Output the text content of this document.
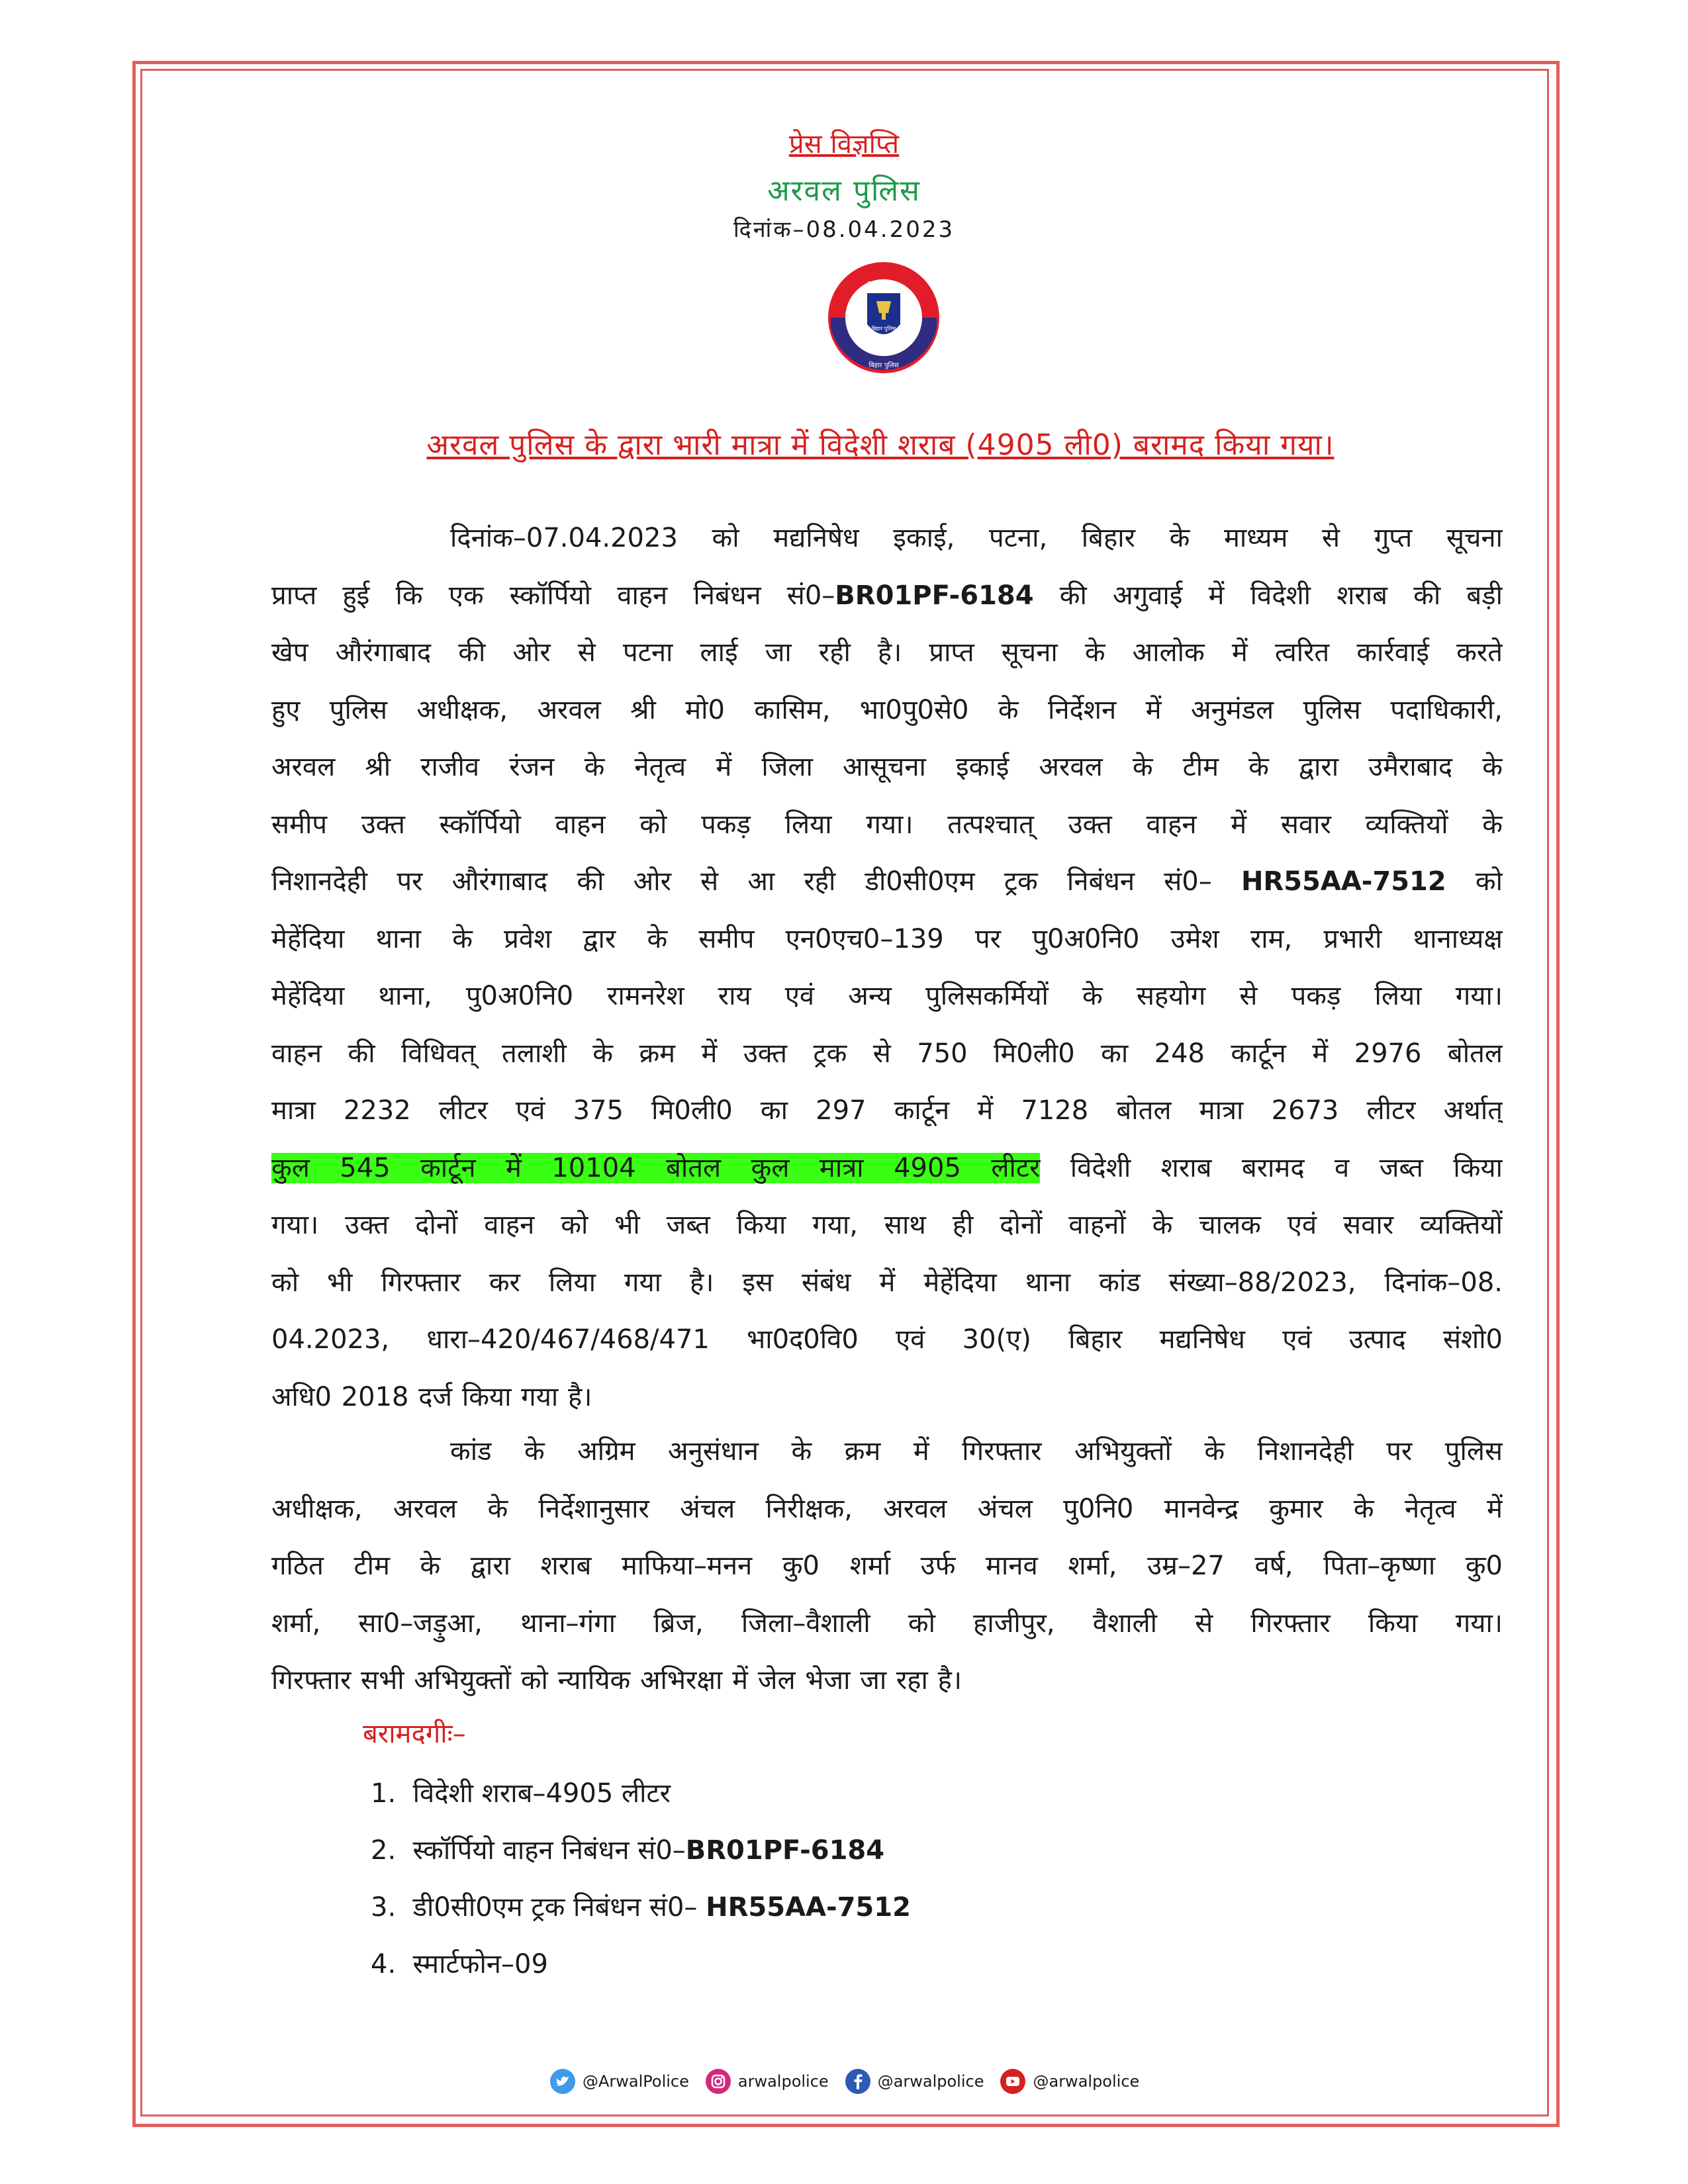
प्रेस विज्ञप्ति
अरवल पुलिस
दिनांक–08.04.2023
बिहार पुलिस
बिहार पुलिस
बिहार पुलिस
अरवल पुलिस के द्वारा भारी मात्रा में विदेशी शराब (4905 ली0) बरामद किया गया।
दिनांक–07.04.2023 को मद्यनिषेध इकाई, पटना, बिहार के माध्यम से गुप्त सूचना
प्राप्त हुई कि एक स्कॉर्पियो वाहन निबंधन सं0–BR01PF-6184 की अगुवाई में विदेशी शराब की बड़ी
खेप औरंगाबाद की ओर से पटना लाई जा रही है। प्राप्त सूचना के आलोक में त्वरित कार्रवाई करते
हुए पुलिस अधीक्षक, अरवल श्री मो0 कासिम, भा0पु0से0 के निर्देशन में अनुमंडल पुलिस पदाधिकारी,
अरवल श्री राजीव रंजन के नेतृत्व में जिला आसूचना इकाई अरवल के टीम के द्वारा उमैराबाद के
समीप उक्त स्कॉर्पियो वाहन को पकड़ लिया गया। तत्पश्चात् उक्त वाहन में सवार व्यक्तियों के
निशानदेही पर औरंगाबाद की ओर से आ रही डी0सी0एम ट्रक निबंधन सं0– HR55AA-7512 को
मेहेंदिया थाना के प्रवेश द्वार के समीप एन0एच0–139 पर पु0अ0नि0 उमेश राम, प्रभारी थानाध्यक्ष
मेहेंदिया थाना, पु0अ0नि0 रामनरेश राय एवं अन्य पुलिसकर्मियों के सहयोग से पकड़ लिया गया।
वाहन की विधिवत् तलाशी के क्रम में उक्त ट्रक से 750 मि0ली0 का 248 कार्टून में 2976 बोतल
मात्रा 2232 लीटर एवं 375 मि0ली0 का 297 कार्टून में 7128 बोतल मात्रा 2673 लीटर अर्थात्
कुल 545 कार्टून में 10104 बोतल कुल मात्रा 4905 लीटर विदेशी शराब बरामद व जब्त किया
गया। उक्त दोनों वाहन को भी जब्त किया गया, साथ ही दोनों वाहनों के चालक एवं सवार व्यक्तियों
को भी गिरफ्तार कर लिया गया है। इस संबंध में मेहेंदिया थाना कांड संख्या–88/2023, दिनांक–08.
04.2023, धारा–420/467/468/471 भा0द0वि0 एवं 30(ए) बिहार मद्यनिषेध एवं उत्पाद संशो0
अधि0 2018 दर्ज किया गया है।
कांड के अग्रिम अनुसंधान के क्रम में गिरफ्तार अभियुक्तों के निशानदेही पर पुलिस
अधीक्षक, अरवल के निर्देशानुसार अंचल निरीक्षक, अरवल अंचल पु0नि0 मानवेन्द्र कुमार के नेतृत्व में
गठित टीम के द्वारा शराब माफिया–मनन कु0 शर्मा उर्फ मानव शर्मा, उम्र–27 वर्ष, पिता–कृष्णा कु0
शर्मा, सा0–जड़ुआ, थाना–गंगा ब्रिज, जिला–वैशाली को हाजीपुर, वैशाली से गिरफ्तार किया गया।
गिरफ्तार सभी अभियुक्तों को न्यायिक अभिरक्षा में जेल भेजा जा रहा है।
बरामदगीः–
1. विदेशी शराब–4905 लीटर
2. स्कॉर्पियो वाहन निबंधन सं0–BR01PF-6184
3. डी0सी0एम ट्रक निबंधन सं0– HR55AA-7512
4. स्मार्टफोन–09
@ArwalPolice	arwalpolice	@arwalpolice	@arwalpolice
